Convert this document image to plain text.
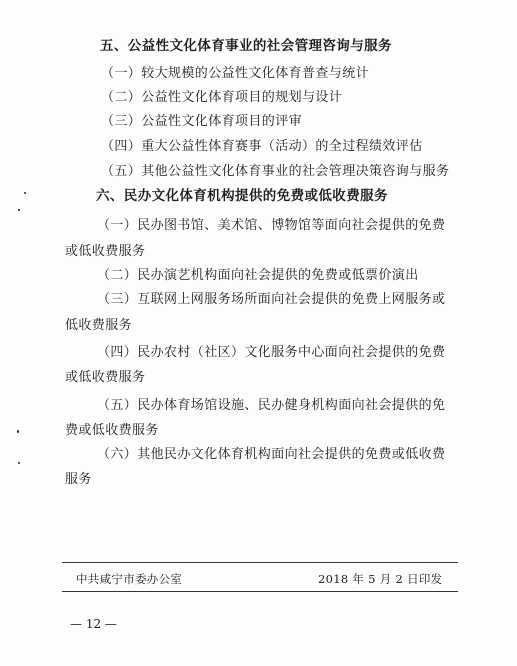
五、公益性文化体育事业的社会管理咨询与服务
（一）较大规模的公益性文化体育普查与统计
（二）公益性文化体育项目的规划与设计
（三）公益性文化体育项目的评审
（四）重大公益性体育赛事（活动）的全过程绩效评估
（五）其他公益性文化体育事业的社会管理决策咨询与服务
六、民办文化体育机构提供的免费或低收费服务
（一）民办图书馆、美术馆、博物馆等面向社会提供的免费
或低收费服务
（二）民办演艺机构面向社会提供的免费或低票价演出
（三）互联网上网服务场所面向社会提供的免费上网服务或
低收费服务
（四）民办农村（社区）文化服务中心面向社会提供的免费
或低收费服务
（五）民办体育场馆设施、民办健身机构面向社会提供的免
费或低收费服务
（六）其他民办文化体育机构面向社会提供的免费或低收费
服务
中共咸宁市委办公室	2018 年 5 月 2 日印发
— 12 —
